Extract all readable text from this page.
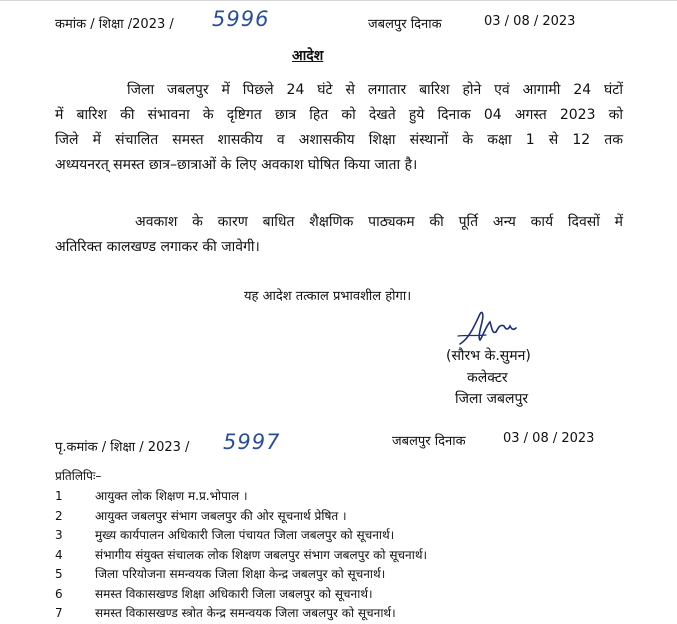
कमांक / शिक्षा /2023 / 5996	जबलपुर दिनाक	03 / 08 / 2023
आदेश
जिला जबलपुर में पिछले 24 घंटे से लगातार बारिश होने एवं आगामी 24 घंटों
में बारिश की संभावना के दृष्टिगत छात्र हित को देखते हुये दिनाक 04 अगस्त 2023 को
जिले में संचालित समस्त शासकीय व अशासकीय शिक्षा संस्थानों के कक्षा 1 से 12 तक
अध्ययनरत् समस्त छात्र–छात्राओं के लिए अवकाश घोषित किया जाता है।
अवकाश के कारण बाधित शैक्षणिक पाठ्यकम की पूर्ति अन्य कार्य दिवसों में
अतिरिक्त कालखण्ड लगाकर की जावेगी।
यह आदेश तत्काल प्रभावशील होगा।
(सौरभ के.सुमन)
कलेक्टर
जिला जबलपुर
पृ.कमांक / शिक्षा / 2023 / 5997	जबलपुर दिनाक	03 / 08 / 2023
प्रतिलिपिः–
1	आयुक्त लोक शिक्षण म.प्र.भोपाल ।
2	आयुक्त जबलपुर संभाग जबलपुर की ओर सूचनार्थ प्रेषित ।
3	मुख्य कार्यपालन अधिकारी जिला पंचायत जिला जबलपुर को सूचनार्थ।
4	संभागीय संयुक्त संचालक लोक शिक्षण जबलपुर संभाग जबलपुर को सूचनार्थ।
5	जिला परियोजना समन्वयक जिला शिक्षा केन्द्र जबलपुर को सूचनार्थ।
6	समस्त विकासखण्ड शिक्षा अधिकारी जिला जबलपुर को सूचनार्थ।
7	समस्त विकासखण्ड स्त्रोत केन्द्र समन्वयक जिला जबलपुर को सूचनार्थ।
